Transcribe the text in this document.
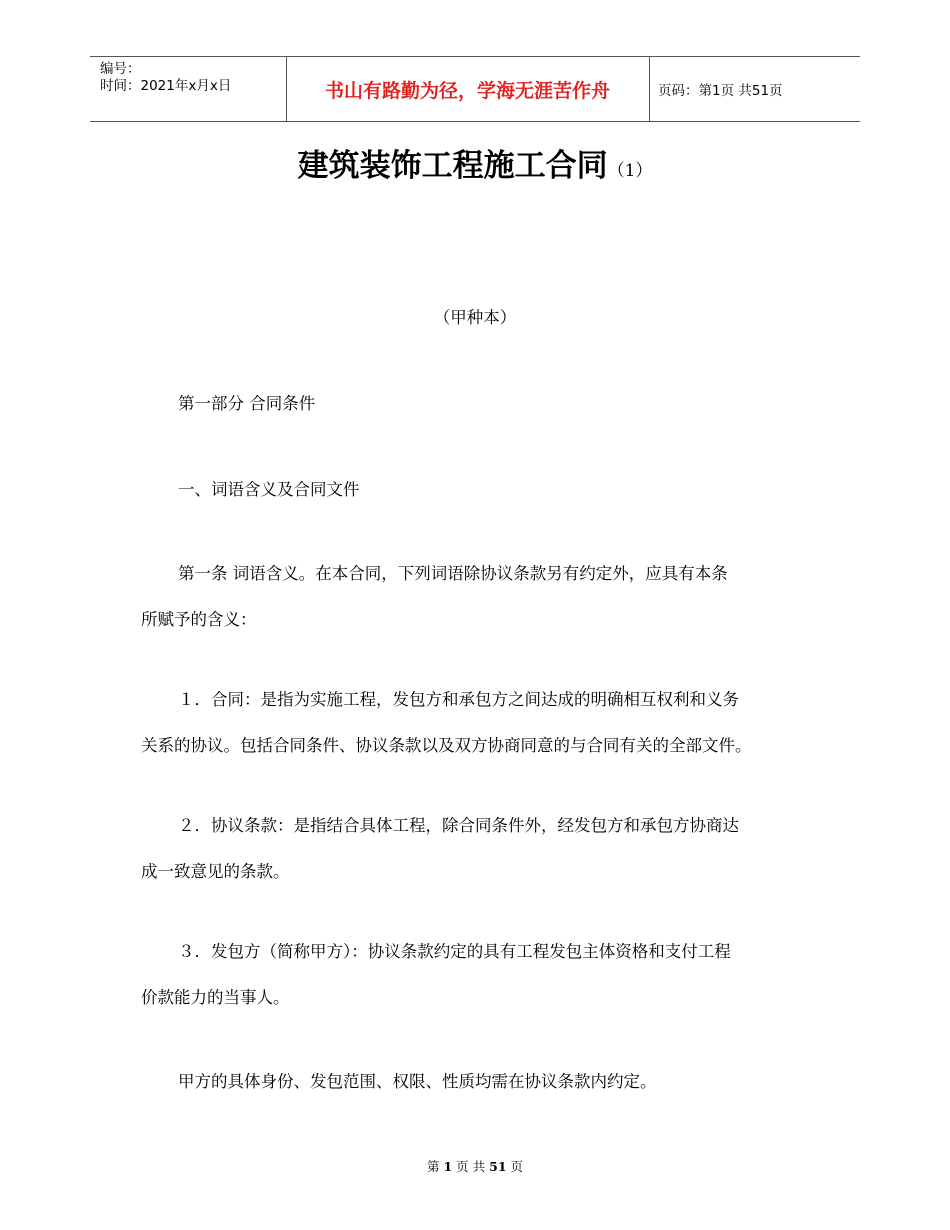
编号：
时间：2021年x月x日	书山有路勤为径，学海无涯苦作舟	页码：第1页 共51页
建筑装饰工程施工合同（1）
（甲种本）
第一部分 合同条件
一、词语含义及合同文件
第一条 词语含义。在本合同，下列词语除协议条款另有约定外，应具有本条
所赋予的含义：
１．合同：是指为实施工程，发包方和承包方之间达成的明确相互权利和义务
关系的协议。包括合同条件、协议条款以及双方协商同意的与合同有关的全部文件。
２．协议条款：是指结合具体工程，除合同条件外，经发包方和承包方协商达
成一致意见的条款。
３．发包方（简称甲方）：协议条款约定的具有工程发包主体资格和支付工程
价款能力的当事人。
甲方的具体身份、发包范围、权限、性质均需在协议条款内约定。
第 1 页 共 51 页
